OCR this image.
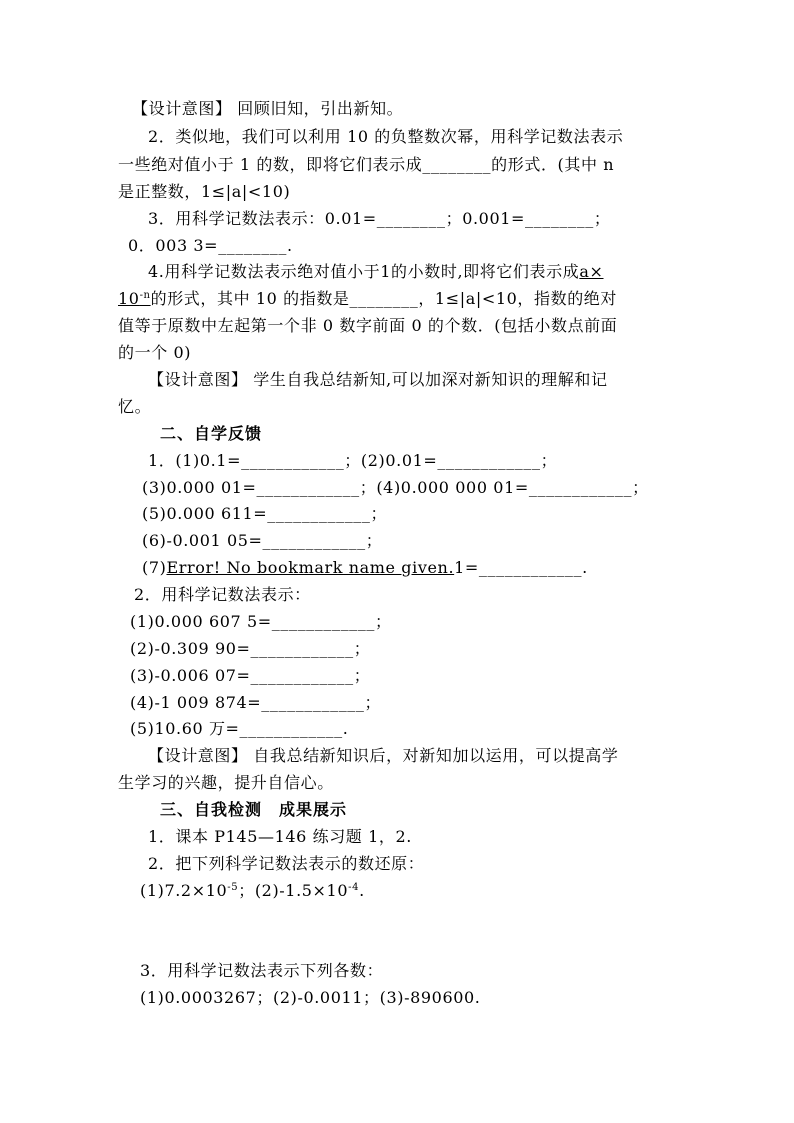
【设计意图】 回顾旧知，引出新知。
2．类似地，我们可以利用 10 的负整数次幂，用科学记数法表示
一些绝对值小于 1 的数，即将它们表示成________的形式．(其中 n
是正整数，1≤|a|<10)
3．用科学记数法表示：0.01=________；0.001=________；
0．003 3=________.
4.用科学记数法表示绝对值小于1的小数时,即将它们表示成a×
$10^{-n}$的形式，其中 10 的指数是________，1≤|a|<10，指数的绝对
值等于原数中左起第一个非 0 数字前面 0 的个数．(包括小数点前面
的一个 0)
【设计意图】 学生自我总结新知,可以加深对新知识的理解和记
忆。
二、自学反馈
1．(1)0.1=____________；(2)0.01=____________；
(3)0.000 01=____________；(4)0.000 000 01=____________；
(5)0.000 611=____________；
(6)-0.001 05=____________；
(7)Error! No bookmark name given.1=____________.
2．用科学记数法表示：
(1)0.000 607 5=____________；
(2)-0.309 90=____________；
(3)-0.006 07=____________；
(4)-1 009 874=____________；
(5)10.60 万=____________.
【设计意图】 自我总结新知识后，对新知加以运用，可以提高学
生学习的兴趣，提升自信心。
三、自我检测　成果展示
1．课本 P145—146 练习题 1，2.
2．把下列科学记数法表示的数还原：
$(1)7.2\times 10^{-5}$；$(2)-1.5\times 10^{-4}$.
3．用科学记数法表示下列各数：
(1)0.0003267；(2)-0.0011；(3)-890600.
